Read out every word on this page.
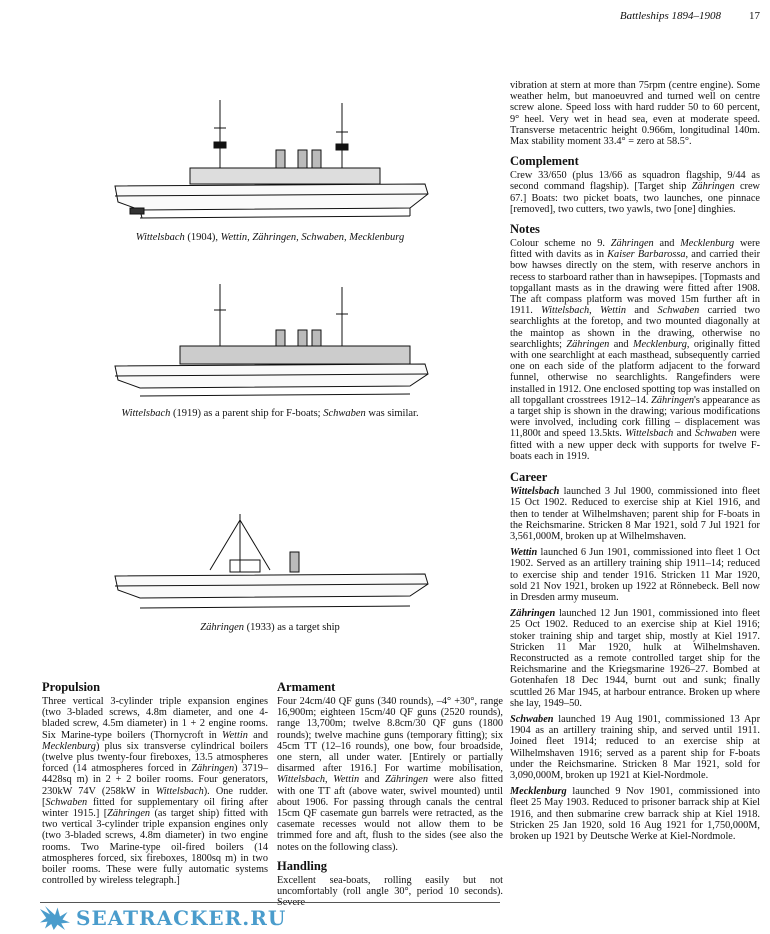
Battleships 1894–1908	17
Wittelsbach (1904), Wettin, Zähringen, Schwaben, Mecklenburg
Wittelsbach (1919) as a parent ship for F-boats; Schwaben was similar.
Zähringen (1933) as a target ship
Propulsion

Three vertical 3-cylinder triple expansion engines (two 3-bladed screws, 4.8m diameter, and one 4-bladed screw, 4.5m diameter) in 1 + 2 engine rooms. Six Marine-type boilers (Thornycroft in Wettin and Mecklenburg) plus six transverse cylindrical boilers (twelve plus twenty-four fireboxes, 13.5 atmospheres forced (14 atmospheres forced in Zähringen) 3719–4428sq m) in 2 + 2 boiler rooms. Four generators, 230kW 74V (258kW in Wittelsbach). One rudder. [Schwaben fitted for supplementary oil firing after winter 1915.] [Zähringen (as target ship) fitted with two vertical 3-cylinder triple expansion engines only (two 3-bladed screws, 4.8m diameter) in two engine rooms. Two Marine-type oil-fired boilers (14 atmospheres forced, six fireboxes, 1800sq m) in two boiler rooms. These were fully automatic systems controlled by wireless telegraph.]

Armament

Four 24cm/40 QF guns (340 rounds), –4° +30°, range 16,900m; eighteen 15cm/40 QF guns (2520 rounds), range 13,700m; twelve 8.8cm/30 QF guns (1800 rounds); twelve machine guns (temporary fitting); six 45cm TT (12–16 rounds), one bow, four broadside, one stern, all under water. [Entirely or partially disarmed after 1916.] For wartime mobilisation, Wittelsbach, Wettin and Zähringen were also fitted with one TT aft (above water, swivel mounted) until about 1906. For passing through canals the central 15cm QF casemate gun barrels were retracted, as the casemate recesses would not allow them to be trimmed fore and aft, flush to the sides (see also the notes on the following class).

Handling

Excellent sea-boats, rolling easily but not uncomfortably (roll angle 30°, period 10 seconds). Severe

vibration at stern at more than 75rpm (centre engine). Some weather helm, but manoeuvred and turned well on centre screw alone. Speed loss with hard rudder 50 to 60 percent, 9° heel. Very wet in head sea, even at moderate speed. Transverse metacentric height 0.966m, longitudinal 140m. Max stability moment 33.4° = zero at 58.5°.

Complement

Crew 33/650 (plus 13/66 as squadron flagship, 9/44 as second command flagship). [Target ship Zähringen crew 67.] Boats: two picket boats, two launches, one pinnace [removed], two cutters, two yawls, two [one] dinghies.

Notes

Colour scheme no 9. Zähringen and Mecklenburg were fitted with davits as in Kaiser Barbarossa, and carried their bow hawses directly on the stem, with reserve anchors in recess to starboard rather than in hawsepipes. [Topmasts and topgallant masts as in the drawing were fitted after 1908. The aft compass platform was moved 15m further aft in 1911. Wittelsbach, Wettin and Schwaben carried two searchlights at the foretop, and two mounted diagonally at the maintop as shown in the drawing, otherwise no searchlights; Zähringen and Mecklenburg, originally fitted with one searchlight at each masthead, subsequently carried one on each side of the platform adjacent to the forward funnel, otherwise no searchlights. Rangefinders were installed in 1912. One enclosed spotting top was installed on all topgallant crosstrees 1912–14. Zähringen's appearance as a target ship is shown in the drawing; various modifications were involved, including cork filling – displacement was 11,800t and speed 13.5kts. Wittelsbach and Schwaben were fitted with a new upper deck with supports for twelve F-boats each in 1919.

Career

Wittelsbach launched 3 Jul 1900, commissioned into fleet 15 Oct 1902. Reduced to exercise ship at Kiel 1916, and then to tender at Wilhelmshaven; parent ship for F-boats in the Reichsmarine. Stricken 8 Mar 1921, sold 7 Jul 1921 for 3,561,000M, broken up at Wilhelmshaven.

Wettin launched 6 Jun 1901, commissioned into fleet 1 Oct 1902. Served as an artillery training ship 1911–14; reduced to exercise ship and tender 1916. Stricken 11 Mar 1920, sold 21 Nov 1921, broken up 1922 at Rönnebeck. Bell now in Dresden army museum.

Zähringen launched 12 Jun 1901, commissioned into fleet 25 Oct 1902. Reduced to an exercise ship at Kiel 1916; stoker training ship and target ship, mostly at Kiel 1917. Stricken 11 Mar 1920, hulk at Wilhelmshaven. Reconstructed as a remote controlled target ship for the Reichsmarine and the Kriegsmarine 1926–27. Bombed at Gotenhafen 18 Dec 1944, burnt out and sunk; finally scuttled 26 Mar 1945, at harbour entrance. Broken up where she lay, 1949–50.

Schwaben launched 19 Aug 1901, commissioned 13 Apr 1904 as an artillery training ship, and served until 1911. Joined fleet 1914; reduced to an exercise ship at Wilhelmshaven 1916; served as a parent ship for F-boats under the Reichsmarine. Stricken 8 Mar 1921, sold for 3,090,000M, broken up 1921 at Kiel-Nordmole.

Mecklenburg launched 9 Nov 1901, commissioned into fleet 25 May 1903. Reduced to prisoner barrack ship at Kiel 1916, and then submarine crew barrack ship at Kiel 1918. Stricken 25 Jan 1920, sold 16 Aug 1921 for 1,750,000M, broken up 1921 by Deutsche Werke at Kiel-Nordmole.

SEATRACKER.RU
